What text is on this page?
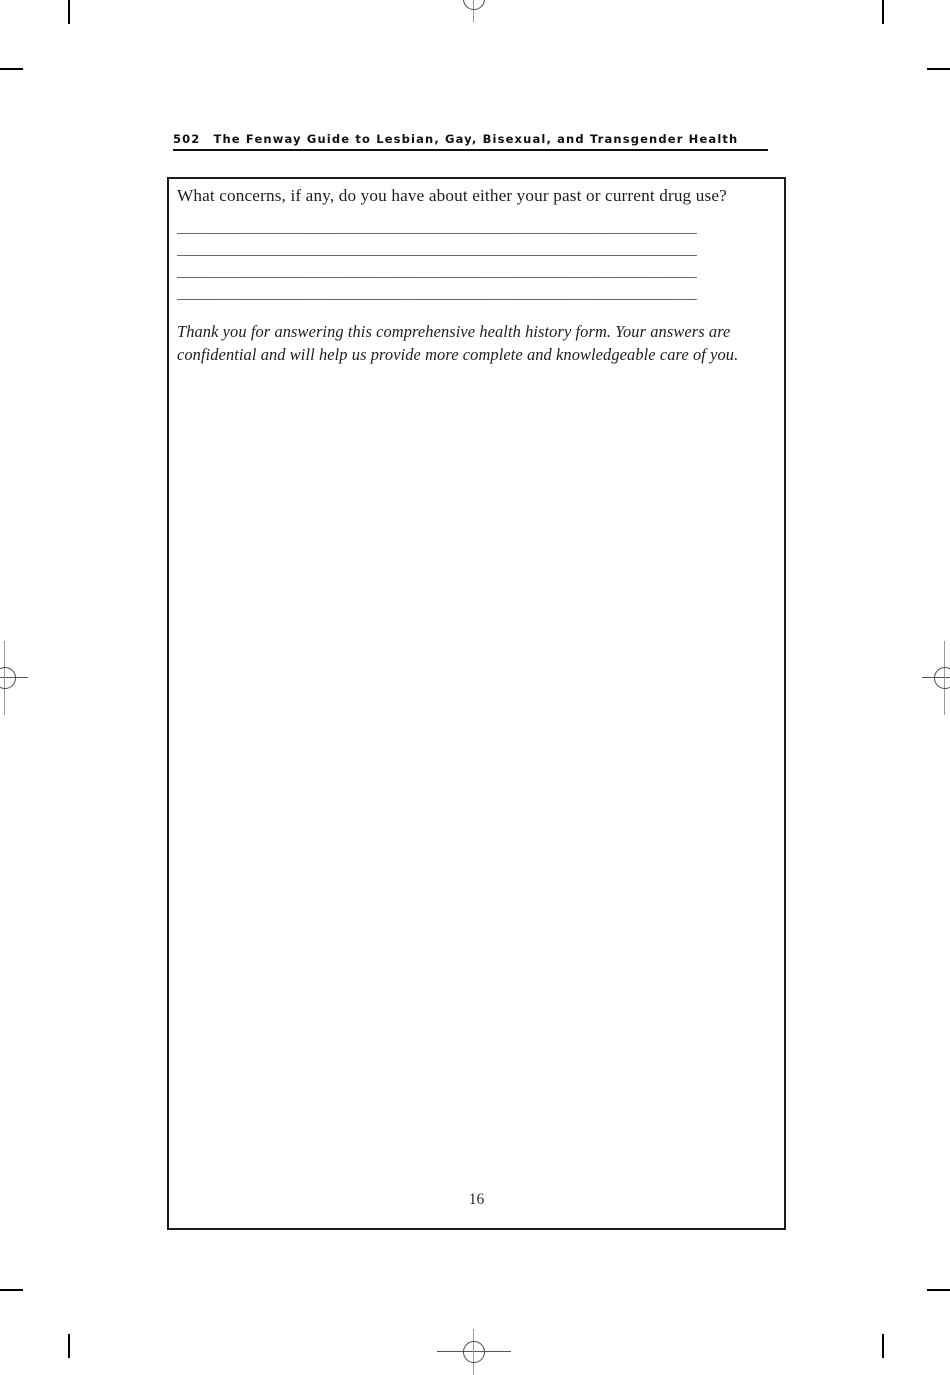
502 The Fenway Guide to Lesbian, Gay, Bisexual, and Transgender Health

What concerns, if any, do you have about either your past or current drug use?

_______________________________________________________________
_______________________________________________________________
_______________________________________________________________
_______________________________________________________________

Thank you for answering this comprehensive health history form. Your answers are confidential and will help us provide more complete and knowledgeable care of you.

16
